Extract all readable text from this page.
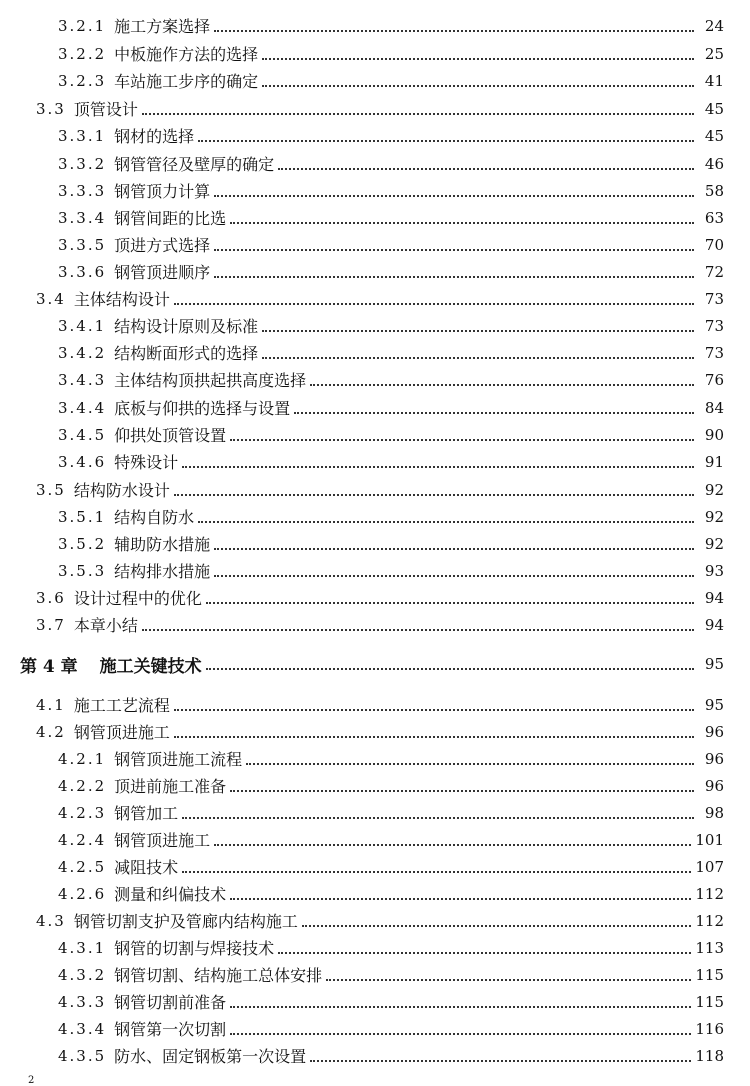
3.2.1 施工方案选择	24
3.2.2 中板施作方法的选择	25
3.2.3 车站施工步序的确定	41
3.3 顶管设计	45
3.3.1 钢材的选择	45
3.3.2 钢管管径及壁厚的确定	46
3.3.3 钢管顶力计算	58
3.3.4 钢管间距的比选	63
3.3.5 顶进方式选择	70
3.3.6 钢管顶进顺序	72
3.4 主体结构设计	73
3.4.1 结构设计原则及标准	73
3.4.2 结构断面形式的选择	73
3.4.3 主体结构顶拱起拱高度选择	76
3.4.4 底板与仰拱的选择与设置	84
3.4.5 仰拱处顶管设置	90
3.4.6 特殊设计	91
3.5 结构防水设计	92
3.5.1 结构自防水	92
3.5.2 辅助防水措施	92
3.5.3 结构排水措施	93
3.6 设计过程中的优化	94
3.7 本章小结	94
第 4 章 施工关键技术	95
4.1 施工工艺流程	95
4.2 钢管顶进施工	96
4.2.1 钢管顶进施工流程	96
4.2.2 顶进前施工准备	96
4.2.3 钢管加工	98
4.2.4 钢管顶进施工	101
4.2.5 减阻技术	107
4.2.6 测量和纠偏技术	112
4.3 钢管切割支护及管廊内结构施工	112
4.3.1 钢管的切割与焊接技术	113
4.3.2 钢管切割、结构施工总体安排	115
4.3.3 钢管切割前准备	115
4.3.4 钢管第一次切割	116
4.3.5 防水、固定钢板第一次设置	118
2
